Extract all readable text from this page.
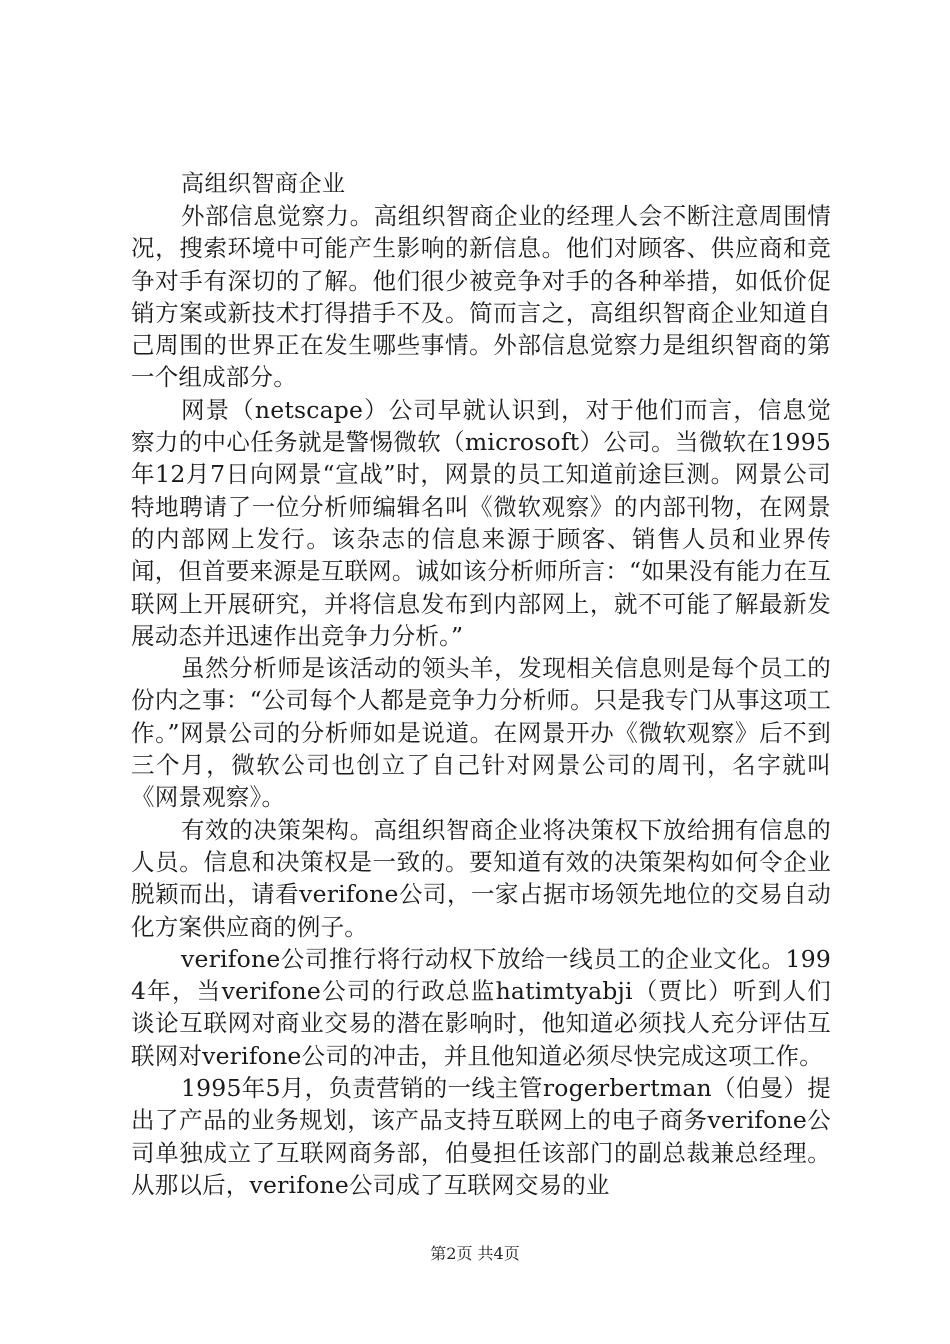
高组织智商企业

外部信息觉察力。高组织智商企业的经理人会不断注意周围情况，搜索环境中可能产生影响的新信息。他们对顾客、供应商和竞争对手有深切的了解。他们很少被竞争对手的各种举措，如低价促销方案或新技术打得措手不及。简而言之，高组织智商企业知道自己周围的世界正在发生哪些事情。外部信息觉察力是组织智商的第一个组成部分。

网景（netscape）公司早就认识到，对于他们而言，信息觉察力的中心任务就是警惕微软（microsoft）公司。当微软在1995年12月7日向网景“宣战”时，网景的员工知道前途巨测。网景公司特地聘请了一位分析师编辑名叫《微软观察》的内部刊物，在网景的内部网上发行。该杂志的信息来源于顾客、销售人员和业界传闻，但首要来源是互联网。诚如该分析师所言：“如果没有能力在互联网上开展研究，并将信息发布到内部网上，就不可能了解最新发展动态并迅速作出竞争力分析。”

虽然分析师是该活动的领头羊，发现相关信息则是每个员工的份内之事：“公司每个人都是竞争力分析师。只是我专门从事这项工作。”网景公司的分析师如是说道。在网景开办《微软观察》后不到三个月，微软公司也创立了自己针对网景公司的周刊，名字就叫《网景观察》。

有效的决策架构。高组织智商企业将决策权下放给拥有信息的人员。信息和决策权是一致的。要知道有效的决策架构如何令企业脱颖而出，请看verifone公司，一家占据市场领先地位的交易自动化方案供应商的例子。

verifone公司推行将行动权下放给一线员工的企业文化。1994年，当verifone公司的行政总监hatimtyabji（贾比）听到人们谈论互联网对商业交易的潜在影响时，他知道必须找人充分评估互联网对verifone公司的冲击，并且他知道必须尽快完成这项工作。

1995年5月，负责营销的一线主管rogerbertman（伯曼）提出了产品的业务规划，该产品支持互联网上的电子商务verifone公司单独成立了互联网商务部，伯曼担任该部门的副总裁兼总经理。从那以后，verifone公司成了互联网交易的业

第2页 共4页
